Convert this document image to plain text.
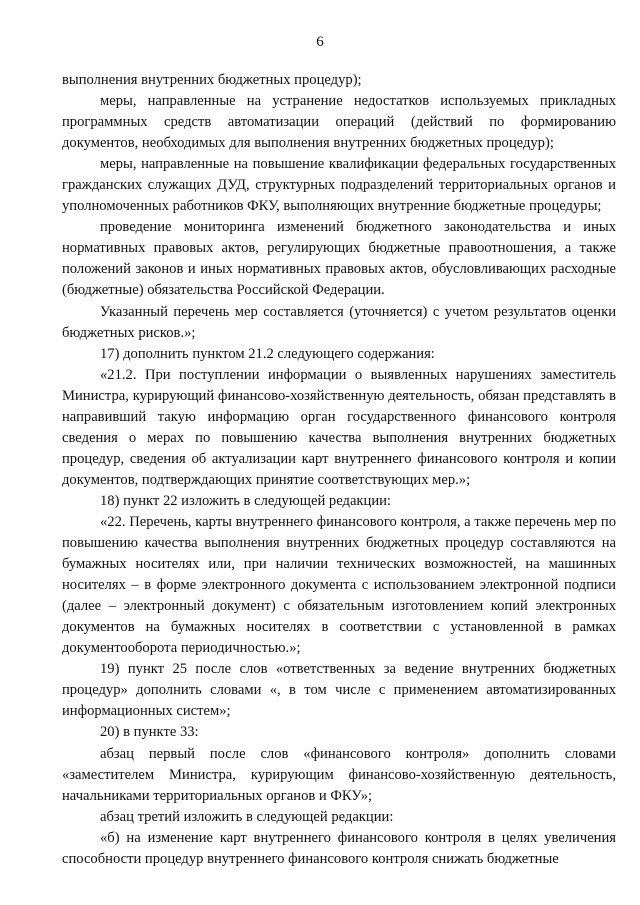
6

выполнения внутренних бюджетных процедур);

меры, направленные на устранение недостатков используемых прикладных программных средств автоматизации операций (действий по формированию документов, необходимых для выполнения внутренних бюджетных процедур);

меры, направленные на повышение квалификации федеральных государственных гражданских служащих ДУД, структурных подразделений территориальных органов и уполномоченных работников ФКУ, выполняющих внутренние бюджетные процедуры;

проведение мониторинга изменений бюджетного законодательства и иных нормативных правовых актов, регулирующих бюджетные правоотношения, а также положений законов и иных нормативных правовых актов, обусловливающих расходные (бюджетные) обязательства Российской Федерации.

Указанный перечень мер составляется (уточняется) с учетом результатов оценки бюджетных рисков.»;

17) дополнить пунктом 21.2 следующего содержания:

«21.2. При поступлении информации о выявленных нарушениях заместитель Министра, курирующий финансово-хозяйственную деятельность, обязан представлять в направивший такую информацию орган государственного финансового контроля сведения о мерах по повышению качества выполнения внутренних бюджетных процедур, сведения об актуализации карт внутреннего финансового контроля и копии документов, подтверждающих принятие соответствующих мер.»;

18) пункт 22 изложить в следующей редакции:

«22. Перечень, карты внутреннего финансового контроля, а также перечень мер по повышению качества выполнения внутренних бюджетных процедур составляются на бумажных носителях или, при наличии технических возможностей, на машинных носителях – в форме электронного документа с использованием электронной подписи (далее – электронный документ) с обязательным изготовлением копий электронных документов на бумажных носителях в соответствии с установленной в рамках документооборота периодичностью.»;

19) пункт 25 после слов «ответственных за ведение внутренних бюджетных процедур» дополнить словами «, в том числе с применением автоматизированных информационных систем»;

20) в пункте 33:

абзац первый после слов «финансового контроля» дополнить словами «заместителем Министра, курирующим финансово-хозяйственную деятельность, начальниками территориальных органов и ФКУ»;

абзац третий изложить в следующей редакции:

«б) на изменение карт внутреннего финансового контроля в целях увеличения способности процедур внутреннего финансового контроля снижать бюджетные
